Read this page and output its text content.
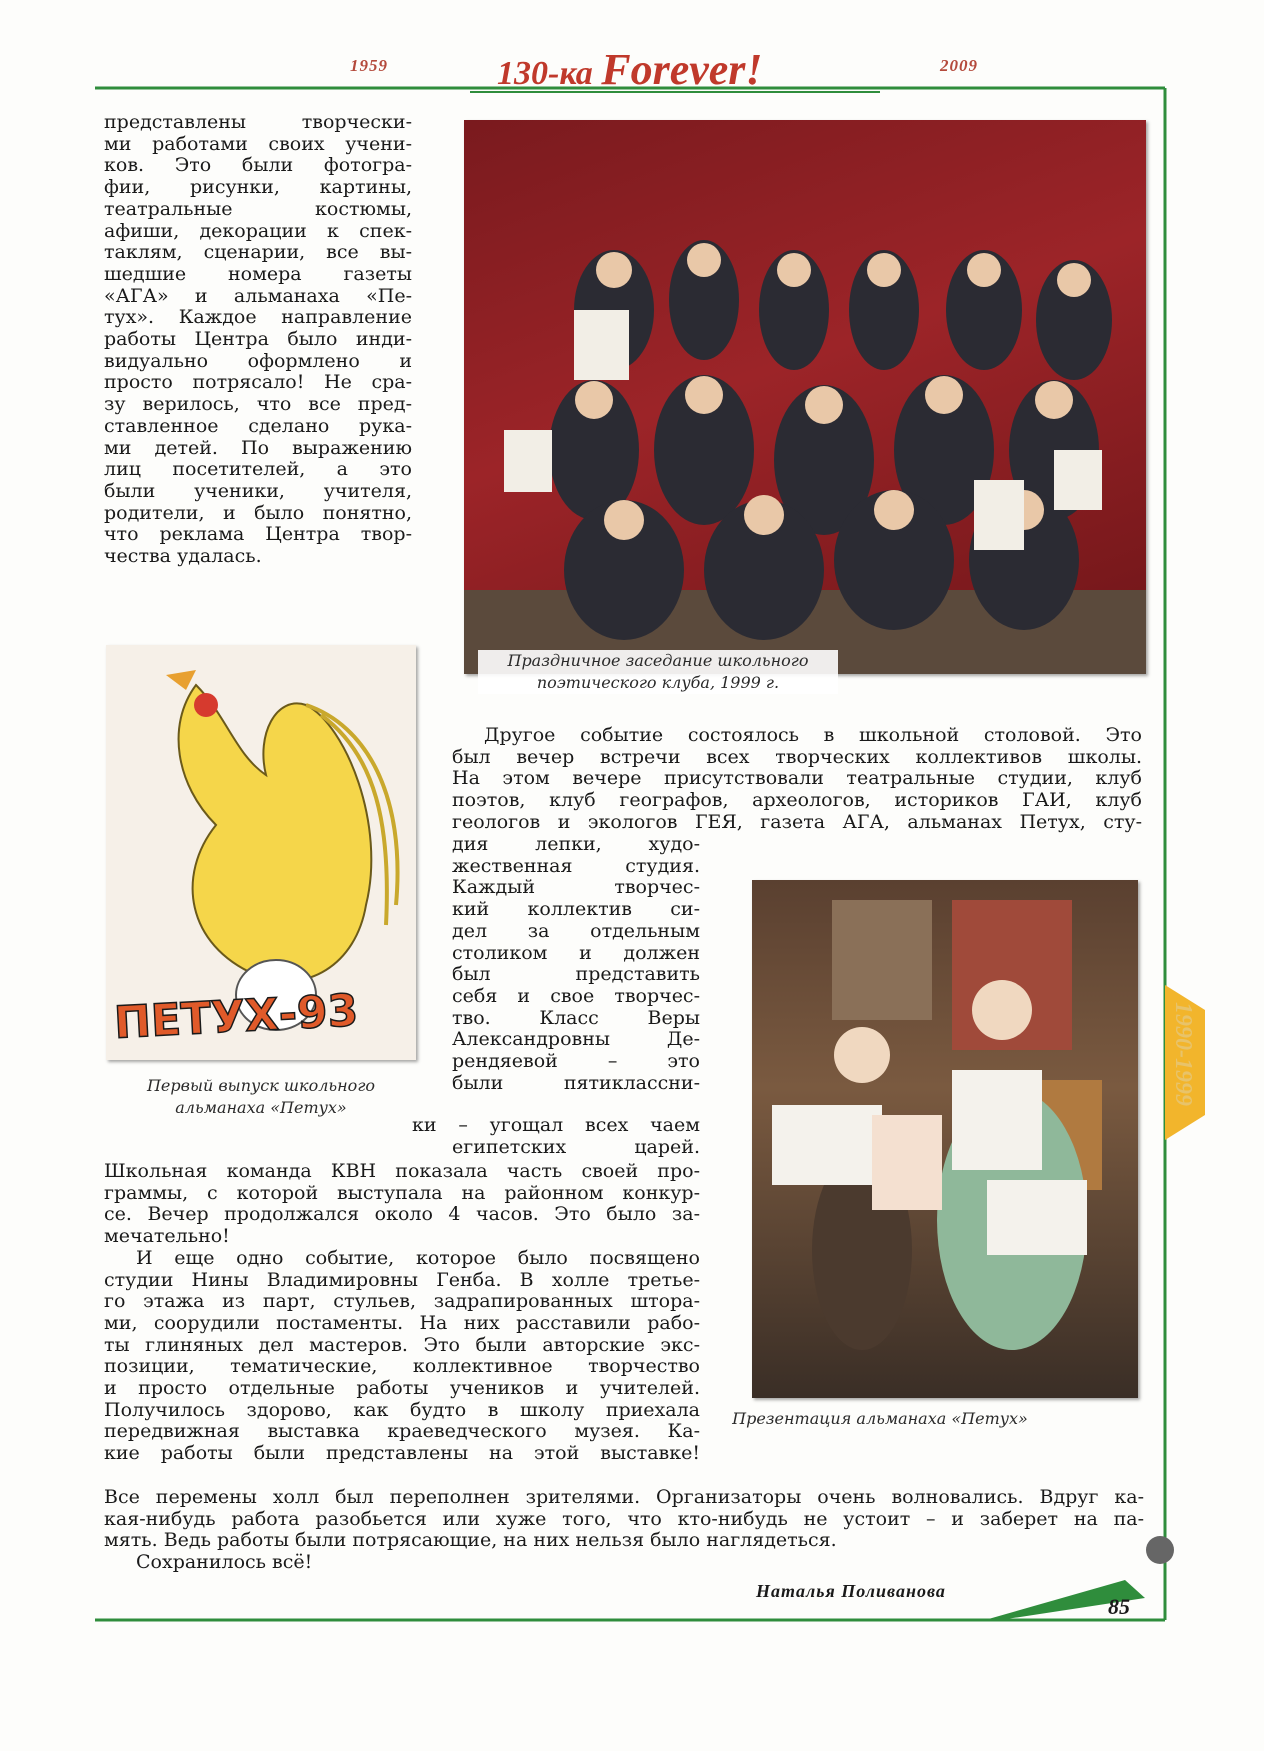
1959	2009
130-ка Forever!

представлены творчески-

ми работами своих учени-

ков. Это были фотогра-

фии, рисунки, картины,

театральные костюмы,

афиши, декорации к спек-

таклям, сценарии, все вы-

шедшие номера газеты

«АГА» и альманаха «Пе-

тух». Каждое направление

работы Центра было инди-

видуально оформлено и

просто потрясало! Не сра-

зу верилось, что все пред-

ставленное сделано рука-

ми детей. По выражению

лиц посетителей, а это

были ученики, учителя,

родители, и было понятно,

что реклама Центра твор-

чества удалась.

Праздничное заседание школьного
поэтического клуба, 1999 г.
ПЕТУХ-93
Первый выпуск школьного
альманаха «Петух»

Другое событие состоялось в школьной столовой. Это

был вечер встречи всех творческих коллективов школы.

На этом вечере присутствовали театральные студии, клуб

поэтов, клуб географов, археологов, историков ГАИ, клуб

геологов и экологов ГЕЯ, газета АГА, альманах Петух, сту-

дия лепки, худо-

жественная студия.

Каждый творчес-

кий коллектив си-

дел за отдельным

столиком и должен

был представить

себя и свое творчес-

тво. Класс Веры

Александровны Де-

рендяевой – это

были пятиклассни-

ки – угощал всех чаем
египетских царей.
Презентация альманаха «Петух»

Школьная команда КВН показала часть своей про-

граммы, с которой выступала на районном конкур-

се. Вечер продолжался около 4 часов. Это было за-

мечательно!

И еще одно событие, которое было посвящено

студии Нины Владимировны Генба. В холле третье-

го этажа из парт, стульев, задрапированных штора-

ми, соорудили постаменты. На них расставили рабо-

ты глиняных дел мастеров. Это были авторские экс-

позиции, тематические, коллективное творчество

и просто отдельные работы учеников и учителей.

Получилось здорово, как будто в школу приехала

передвижная выставка краеведческого музея. Ка-

кие работы были представлены на этой выставке!

Все перемены холл был переполнен зрителями. Организаторы очень волновались. Вдруг ка-

кая-нибудь работа разобьется или хуже того, что кто-нибудь не устоит – и заберет на па-

мять. Ведь работы были потрясающие, на них нельзя было наглядеться.

Сохранилось всё!
Наталья Поливанова
85
1990-1999
